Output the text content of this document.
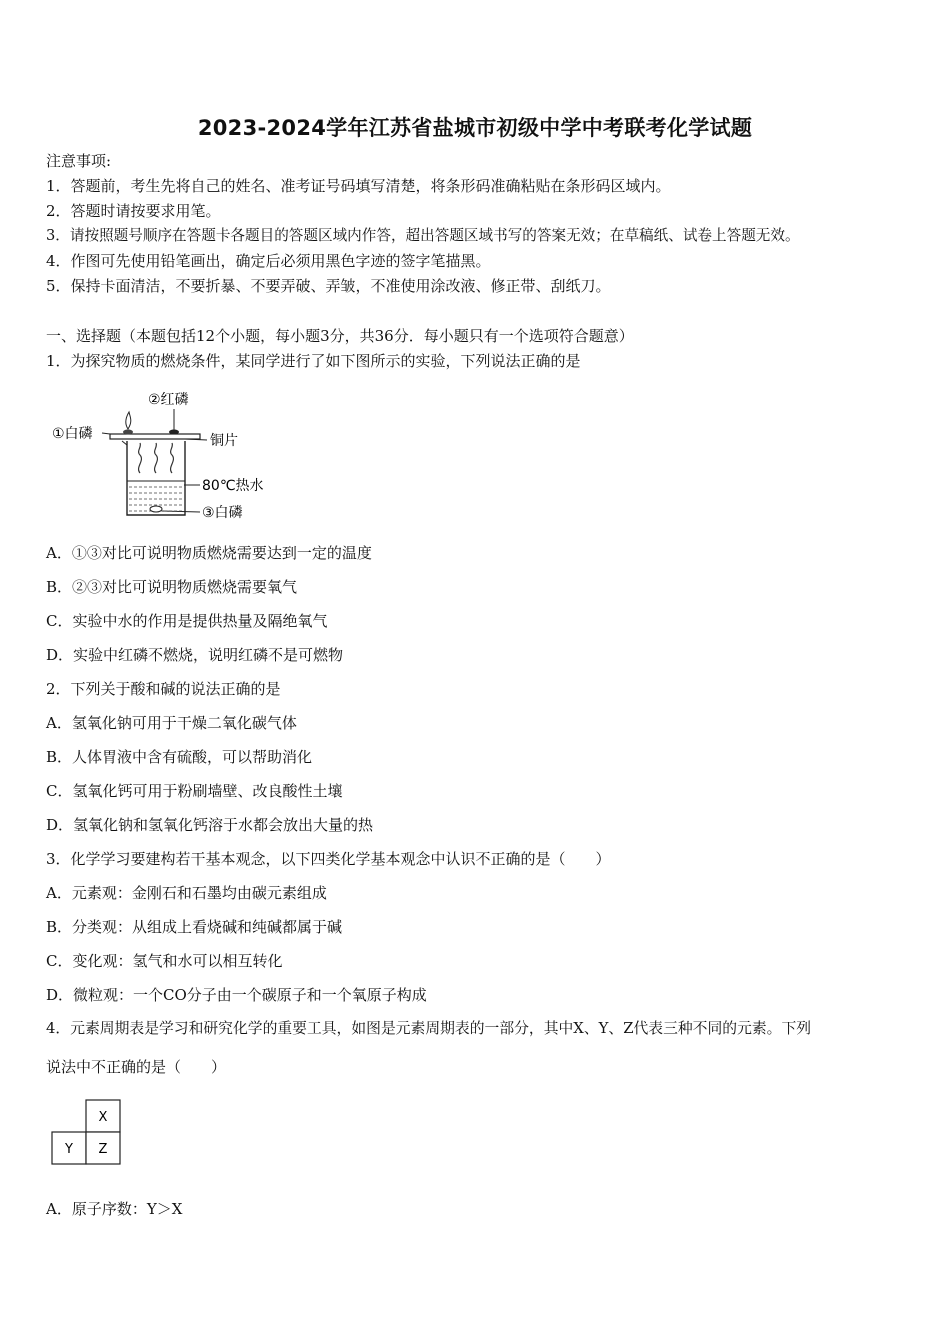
2023-2024学年江苏省盐城市初级中学中考联考化学试题
注意事项:
1．答题前，考生先将自己的姓名、准考证号码填写清楚，将条形码准确粘贴在条形码区域内。
2．答题时请按要求用笔。
3．请按照题号顺序在答题卡各题目的答题区域内作答，超出答题区域书写的答案无效；在草稿纸、试卷上答题无效。
4．作图可先使用铅笔画出，确定后必须用黑色字迹的签字笔描黑。
5．保持卡面清洁，不要折暴、不要弄破、弄皱，不准使用涂改液、修正带、刮纸刀。
一、选择题（本题包括12个小题，每小题3分，共36分．每小题只有一个选项符合题意）
1．为探究物质的燃烧条件，某同学进行了如下图所示的实验，下列说法正确的是
②红磷
①白磷	铜片
80℃热水
③白磷
A．①③对比可说明物质燃烧需要达到一定的温度
B．②③对比可说明物质燃烧需要氧气
C．实验中水的作用是提供热量及隔绝氧气
D．实验中红磷不燃烧，说明红磷不是可燃物
2．下列关于酸和碱的说法正确的是
A．氢氧化钠可用于干燥二氧化碳气体
B．人体胃液中含有硫酸，可以帮助消化
C．氢氧化钙可用于粉刷墙壁、改良酸性土壤
D．氢氧化钠和氢氧化钙溶于水都会放出大量的热
3．化学学习要建构若干基本观念，以下四类化学基本观念中认识不正确的是（　　）
A．元素观：金刚石和石墨均由碳元素组成
B．分类观：从组成上看烧碱和纯碱都属于碱
C．变化观：氢气和水可以相互转化
D．微粒观：一个CO分子由一个碳原子和一个氧原子构成
4．元素周期表是学习和研究化学的重要工具，如图是元素周期表的一部分，其中X、Y、Z代表三种不同的元素。下列
说法中不正确的是（　　）
X
Y Z
A．原子序数：Y＞X
